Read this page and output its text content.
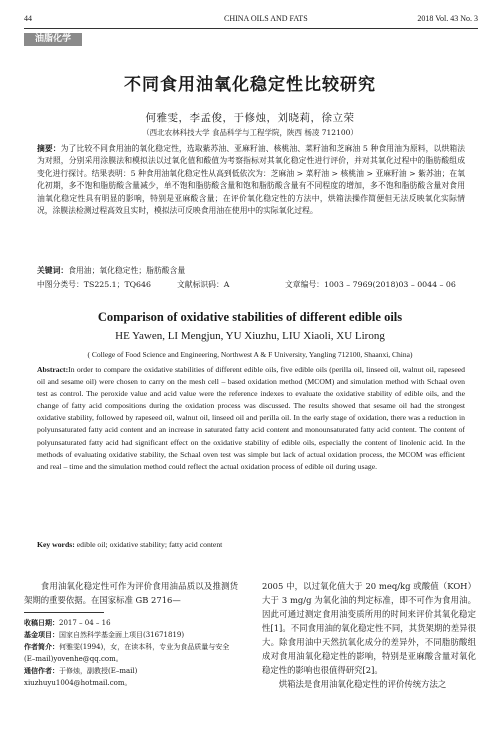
44	CHINA OILS AND FATS	2018 Vol. 43 No. 3
油脂化学
不同食用油氧化稳定性比较研究
何雅雯，李孟俊，于修烛，刘晓莉，徐立荣
（西北农林科技大学 食品科学与工程学院，陕西 杨凌 712100）
摘要：为了比较不同食用油的氧化稳定性，选取紫苏油、亚麻籽油、核桃油、菜籽油和芝麻油 5 种食用油为原料，以烘箱法为对照，分别采用涂膜法和模拟法以过氧化值和酸值为考察指标对其氧化稳定性进行评价，并对其氧化过程中的脂肪酸组成变化进行探讨。结果表明：5 种食用油氧化稳定性从高到低依次为：芝麻油 > 菜籽油 > 核桃油 > 亚麻籽油 > 紫苏油；在氧化初期，多不饱和脂肪酸含量减少，单不饱和脂肪酸含量和饱和脂肪酸含量有不同程度的增加，多不饱和脂肪酸含量对食用油氧化稳定性具有明显的影响，特别是亚麻酸含量；在评价氧化稳定性的方法中，烘箱法操作简便但无法反映氧化实际情况，涂膜法检测过程高效且实时，模拟法可反映食用油在使用中的实际氧化过程。
关键词：食用油；氧化稳定性；脂肪酸含量
中图分类号：TS225.1；TQ646	文献标识码：A	文章编号：1003 – 7969(2018)03 – 0044 – 06
Comparison of oxidative stabilities of different edible oils
HE Yawen, LI Mengjun, YU Xiuzhu, LIU Xiaoli, XU Lirong
( College of Food Science and Engineering, Northwest A & F University, Yangling 712100, Shaanxi, China)
Abstract:In order to compare the oxidative stabilities of different edible oils, five edible oils (perilla oil, linseed oil, walnut oil, rapeseed oil and sesame oil) were chosen to carry on the mesh cell – based oxidation method (MCOM) and simulation method with Schaal oven test as control. The peroxide value and acid value were the reference indexes to evaluate the oxidative stability of edible oils, and the change of fatty acid compositions during the oxidation process was discussed. The results showed that sesame oil had the strongest oxidative stability, followed by rapeseed oil, walnut oil, linseed oil and perilla oil. In the early stage of oxidation, there was a reduction in polyunsaturated fatty acid content and an increase in saturated fatty acid content and monounsaturated fatty acid content. The content of polyunsaturated fatty acid had significant effect on the oxidative stability of edible oils, especially the content of linolenic acid. In the methods of evaluating oxidative stability, the Schaal oven test was simple but lack of actual oxidation process, the MCOM was efficient and real – time and the simulation method could reflect the actual oxidation process of edible oil during usage.
Key words: edible oil; oxidative stability; fatty acid content
食用油氧化稳定性可作为评价食用油品质以及推测货架期的重要依据。在国家标准 GB 2716—
收稿日期：2017 – 04 – 16
基金项目：国家自然科学基金面上项目(31671819)
作者简介：何雅雯(1994)，女，在读本科，专业为食品质量与安全(E–mail)yovenhe@qq.com。
通信作者：于修烛，副教授(E–mail) xiuzhuyu1004@hotmail.com。
2005 中，以过氧化值大于 20 meq/kg 或酸值（KOH）大于 3 mg/g 为氧化油的判定标准，即不可作为食用油。因此可通过测定食用油变质所用的时间来评价其氧化稳定性[1]。不同食用油的氧化稳定性不同，其货架期的差异很大。除食用油中天然抗氧化成分的差异外，不同脂肪酸组成对食用油氧化稳定性的影响，特别是亚麻酸含量对氧化稳定性的影响也很值得研究[2]。
烘箱法是食用油氧化稳定性的评价传统方法之
